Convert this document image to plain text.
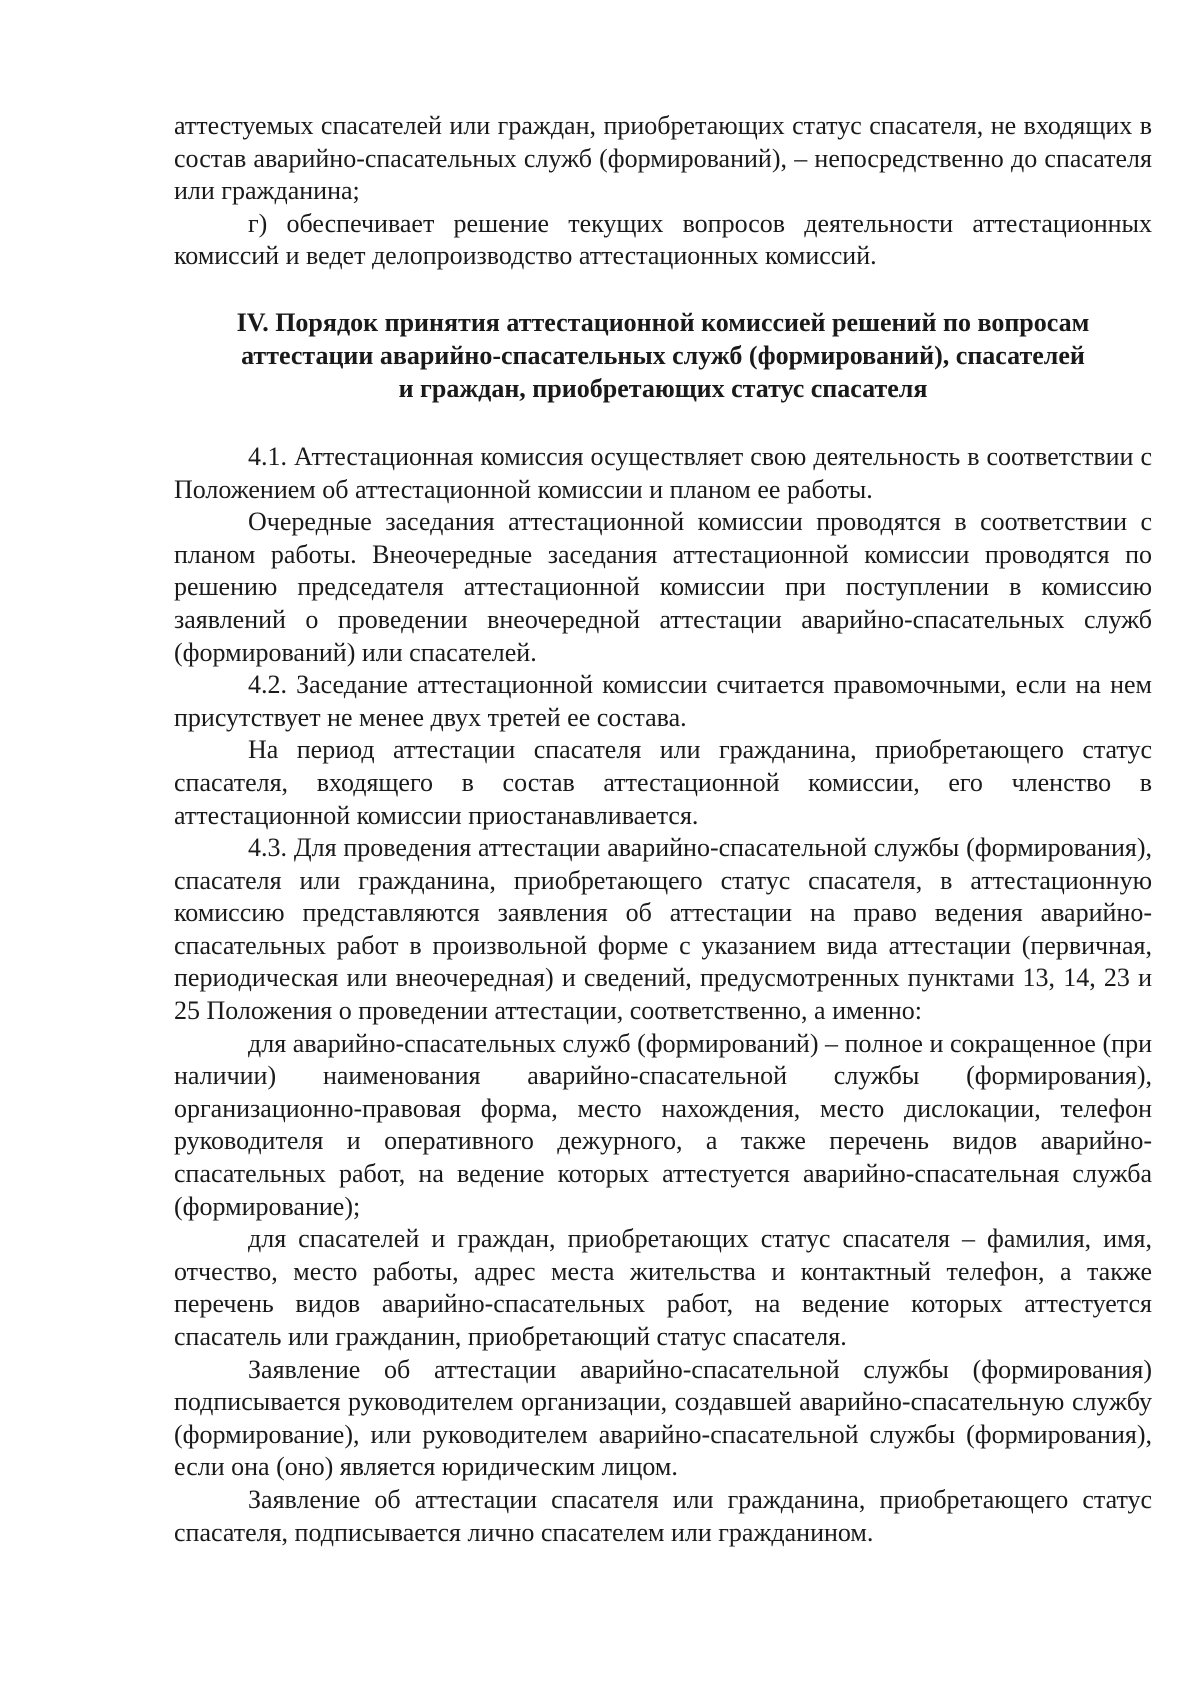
аттестуемых спасателей или граждан, приобретающих статус спасателя, не входящих в состав аварийно-спасательных служб (формирований), – непосредственно до спасателя или гражданина;

г) обеспечивает решение текущих вопросов деятельности аттестационных комиссий и ведет делопроизводство аттестационных комиссий.

IV. Порядок принятия аттестационной комиссией решений по вопросам
аттестации аварийно-спасательных служб (формирований), спасателей
и граждан, приобретающих статус спасателя

4.1. Аттестационная комиссия осуществляет свою деятельность в соответствии с Положением об аттестационной комиссии и планом ее работы.

Очередные заседания аттестационной комиссии проводятся в соответствии с планом работы. Внеочередные заседания аттестационной комиссии проводятся по решению председателя аттестационной комиссии при поступлении в комиссию заявлений о проведении внеочередной аттестации аварийно-спасательных служб (формирований) или спасателей.

4.2. Заседание аттестационной комиссии считается правомочными, если на нем присутствует не менее двух третей ее состава.

На период аттестации спасателя или гражданина, приобретающего статус спасателя, входящего в состав аттестационной комиссии, его членство в аттестационной комиссии приостанавливается.

4.3. Для проведения аттестации аварийно-спасательной службы (формирования), спасателя или гражданина, приобретающего статус спасателя, в аттестационную комиссию представляются заявления об аттестации на право ведения аварийно-спасательных работ в произвольной форме с указанием вида аттестации (первичная, периодическая или внеочередная) и сведений, предусмотренных пунктами 13, 14, 23 и 25 Положения о проведении аттестации, соответственно, а именно:

для аварийно-спасательных служб (формирований) – полное и сокращенное (при наличии) наименования аварийно-спасательной службы (формирования), организационно-правовая форма, место нахождения, место дислокации, телефон руководителя и оперативного дежурного, а также перечень видов аварийно-спасательных работ, на ведение которых аттестуется аварийно-спасательная служба (формирование);

для спасателей и граждан, приобретающих статус спасателя – фамилия, имя, отчество, место работы, адрес места жительства и контактный телефон, а также перечень видов аварийно-спасательных работ, на ведение которых аттестуется спасатель или гражданин, приобретающий статус спасателя.

Заявление об аттестации аварийно-спасательной службы (формирования) подписывается руководителем организации, создавшей аварийно-спасательную службу (формирование), или руководителем аварийно-спасательной службы (формирования), если она (оно) является юридическим лицом.

Заявление об аттестации спасателя или гражданина, приобретающего статус спасателя, подписывается лично спасателем или гражданином.
